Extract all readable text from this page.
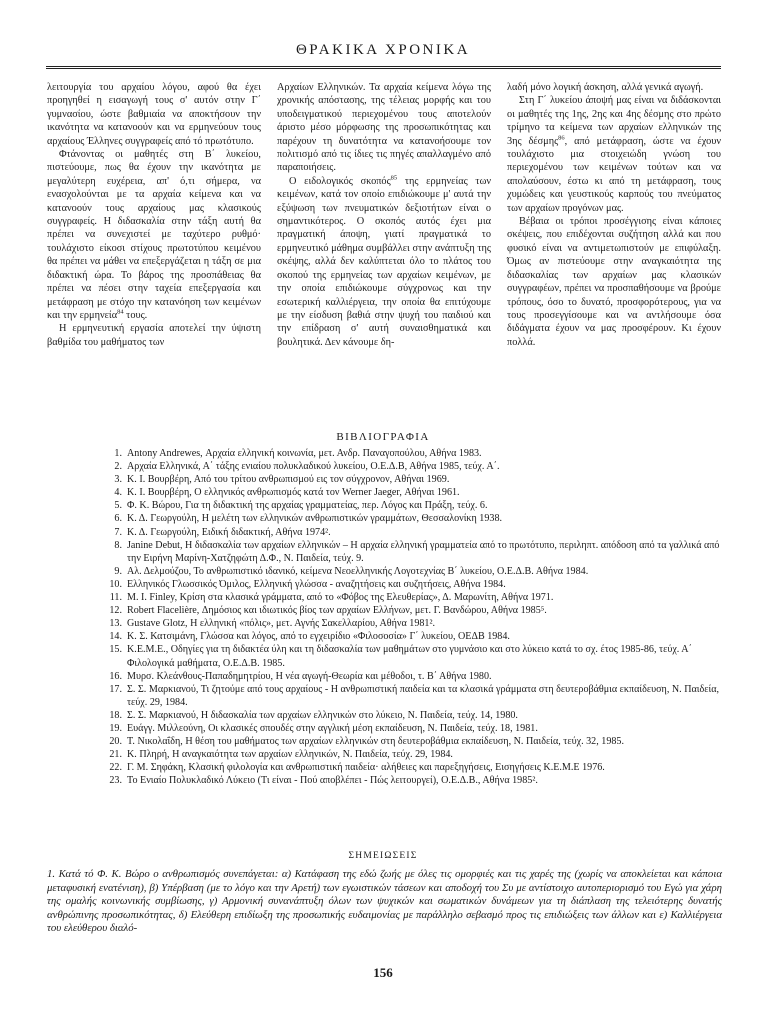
ΘΡΑΚΙΚΑ ΧΡΟΝΙΚΑ

λειτουργία του αρχαίου λόγου, αφού θα έχει προηγηθεί η εισαγωγή τους σ' αυτόν στην Γ΄ γυμνασίου, ώστε βαθμιαία να αποκτήσουν την ικανότητα να κατανοούν και να ερμηνεύουν τους αρχαίους Έλληνες συγγραφείς από τό πρωτότυπο.

Φτάνοντας οι μαθητές στη Β΄ λυκείου, πιστεύουμε, πως θα έχουν την ικανότητα με μεγαλύτερη ευχέρεια, απ' ό,τι σήμερα, να ενασχολούνται με τα αρχαία κείμενα και να κατανοούν τους αρχαίους μας κλασικούς συγγραφείς. Η διδασκαλία στην τάξη αυτή θα πρέπει να συνεχιστεί με ταχύτερο ρυθμό· τουλάχιστο είκοσι στίχους πρωτοτύπου κειμένου θα πρέπει να μάθει να επεξεργάζεται η τάξη σε μια διδακτική ώρα. Το βάρος της προσπάθειας θα πρέπει να πέσει στην ταχεία επεξεργασία και μετάφραση με στόχο την κατανόηση των κειμένων και την ερμηνεία$^{84}$ τους.

Η ερμηνευτική εργασία αποτελεί την ύψιστη βαθμίδα του μαθήματος των

Αρχαίων Ελληνικών. Τα αρχαία κείμενα λόγω της χρονικής απόστασης, της τέλειας μορφής και του υποδειγματικού περιεχομένου τους αποτελούν άριστο μέσο μόρφωσης της προσωπικότητας και παρέχουν τη δυνατότητα να κατανοήσουμε τον πολιτισμό από τις ίδιες τις πηγές απαλλαγμένο από παραποιήσεις.

Ο ειδολογικός σκοπός$^{85}$ της ερμηνείας των κειμένων, κατά τον οποίο επιδιώκουμε μ' αυτά την εξύψωση των πνευματικών δεξιοτήτων είναι ο σημαντικότερος. Ο σκοπός αυτός έχει μια πραγματική άποψη, γιατί πραγματικά το ερμηνευτικό μάθημα συμβάλλει στην ανάπτυξη της σκέψης, αλλά δεν καλύπτεται όλο το πλάτος του σκοπού της ερμηνείας των αρχαίων κειμένων, με την οποία επιδιώκουμε σύγχρονως και την εσωτερική καλλιέργεια, την οποία θα επιτύχουμε με την είσδυση βαθιά στην ψυχή του παιδιού και την επίδραση σ' αυτή συναισθηματικά και βουλητικά. Δεν κάνουμε δη-

λαδή μόνο λογική άσκηση, αλλά γενικά αγωγή.

Στη Γ΄ λυκείου άποψή μας είναι να διδάσκονται οι μαθητές της 1ης, 2ης και 4ης δέσμης στο πρώτο τρίμηνο τα κείμενα των αρχαίων ελληνικών της 3ης δέσμης$^{86}$, από μετάφραση, ώστε να έχουν τουλάχιστο μια στοιχειώδη γνώση του περιεχομένου των κειμένων τούτων και να απολαύσουν, έστω κι από τη μετάφραση, τους χυμώδεις και γευστικούς καρπούς του πνεύματος των αρχαίων προγόνων μας.

Βέβαια οι τρόποι προσέγγισης είναι κάποιες σκέψεις, που επιδέχονται συζήτηση αλλά και που φυσικό είναι να αντιμετωπιστούν με επιφύλαξη. Όμως αν πιστεύουμε στην αναγκαιότητα της διδασκαλίας των αρχαίων μας κλασικών συγγραφέων, πρέπει να προσπαθήσουμε να βρούμε τρόπους, όσο το δυνατό, προσφορότερους, για να τους προσεγγίσουμε και να αντλήσουμε όσα διδάγματα έχουν να μας προσφέρουν. Κι έχουν πολλά.

ΒΙΒΛΙΟΓΡΑΦΙΑ
1. Antony Andrewes, Αρχαία ελληνική κοινωνία, μετ. Ανδρ. Παναγοπούλου, Αθήνα 1983.
2. Αρχαία Ελληνικά, Α΄ τάξης ενιαίου πολυκλαδικού λυκείου, Ο.Ε.Δ.Β, Αθήνα 1985, τεύχ. Α΄.
3. Κ. Ι. Βουρβέρη, Από του τρίτου ανθρωπισμού εις τον σύγχρονον, Αθήναι 1969.
4. Κ. Ι. Βουρβέρη, Ο ελληνικός ανθρωπισμός κατά τον Werner Jaeger, Αθήναι 1961.
5. Φ. Κ. Βώρου, Για τη διδακτική της αρχαίας γραμματείας, περ. Λόγος και Πράξη, τεύχ. 6.
6. Κ. Δ. Γεωργούλη, Η μελέτη των ελληνικών ανθρωπιστικών γραμμάτων, Θεσσαλονίκη 1938.
7. Κ. Δ. Γεωργούλη, Ειδική διδακτική, Αθήνα 1974².
8. Janine Debut, Η διδασκαλία των αρχαίων ελληνικών – Η αρχαία ελληνική γραμματεία από το πρωτότυπο, περιληπτ. απόδοση από τα γαλλικά από την Ειρήνη Μαρίνη-Χατζηφώτη Δ.Φ., Ν. Παιδεία, τεύχ. 9.
9. Αλ. Δελμούζου, Το ανθρωπιστικό ιδανικό, κείμενα Νεοελληνικής Λογοτεχνίας Β΄ λυκείου, Ο.Ε.Δ.Β. Αθήνα 1984.
10. Ελληνικός Γλωσσικός Όμιλος, Ελληνική γλώσσα - αναζητήσεις και συζητήσεις, Αθήνα 1984.
11. M. I. Finley, Κρίση στα κλασικά γράμματα, από το «Φόβος της Ελευθερίας», Δ. Μαρωνίτη, Αθήνα 1971.
12. Robert Flacelière, Δημόσιος και ιδιωτικός βίος των αρχαίων Ελλήνων, μετ. Γ. Βανδώρου, Αθήνα 1985⁵.
13. Gustave Glotz, Η ελληνική «πόλις», μετ. Αγνής Σακελλαρίου, Αθήνα 1981².
14. Κ. Σ. Κατσιμάνη, Γλώσσα και λόγος, από το εγχειρίδιο «Φιλοσοσία» Γ΄ λυκείου, ΟΕΔΒ 1984.
15. Κ.Ε.Μ.Ε., Οδηγίες για τη διδακτέα ύλη και τη διδασκαλία των μαθημάτων στο γυμνάσιο και στο λύκειο κατά το σχ. έτος 1985-86, τεύχ. Α΄ Φιλολογικά μαθήματα, Ο.Ε.Δ.Β. 1985.
16. Μυρσ. Κλεάνθους-Παπαδημητρίου, Η νέα αγωγή-Θεωρία και μέθοδοι, τ. Β΄ Αθήνα 1980.
17. Σ. Σ. Μαρκιανού, Τι ζητούμε από τους αρχαίους - Η ανθρωπιστική παιδεία και τα κλασικά γράμματα στη δευτεροβάθμια εκπαίδευση, Ν. Παιδεία, τεύχ. 29, 1984.
18. Σ. Σ. Μαρκιανού, Η διδασκαλία των αρχαίων ελληνικών στο λύκειο, Ν. Παιδεία, τεύχ. 14, 1980.
19. Ευάγγ. Μιλλεούνη, Οι κλασικές σπουδές στην αγγλική μέση εκπαίδευση, Ν. Παιδεία, τεύχ. 18, 1981.
20. Τ. Νικολαΐδη, Η θέση του μαθήματος των αρχαίων ελληνικών στη δευτεροβάθμια εκπαίδευση, Ν. Παιδεία, τεύχ. 32, 1985.
21. Κ. Πληρή, Η αναγκαιότητα των αρχαίων ελληνικών, Ν. Παιδεία, τεύχ. 29, 1984.
22. Γ. Μ. Σηφάκη, Κλασική φιλολογία και ανθρωπιστική παιδεία· αλήθειες και παρεξηγήσεις, Εισηγήσεις Κ.Ε.Μ.Ε 1976.
23. Το Ενιαίο Πολυκλαδικό Λύκειο (Τι είναι - Πού αποβλέπει - Πώς λειτουργεί), Ο.Ε.Δ.Β., Αθήνα 1985².
ΣΗΜΕΙΩΣΕΙΣ
1. Κατά τό Φ. Κ. Βώρο ο ανθρωπισμός συνεπάγεται: α) Κατάφαση της εδώ ζωής με όλες τις ομορφιές και τις χαρές της (χωρίς να αποκλείεται και κάποια μεταφυσική ενατένιση), β) Υπέρβαση (με το λόγο και την Αρετή) των εγωιστικών τάσεων και αποδοχή του Συ με αντίστοιχο αυτοπεριορισμό του Εγώ για χάρη της ομαλής κοινωνικής συμβίωσης, γ) Αρμονική συνανάπτυξη όλων των ψυχικών και σωματικών δυνάμεων για τη διάπλαση της τελειότερης δυνατής ανθρώπινης προσωπικότητας, δ) Ελεύθερη επιδίωξη της προσωπικής ευδαιμονίας με παράλληλο σεβασμό προς τις επιδιώξεις των άλλων και ε) Καλλιέργεια του ελεύθερου διαλό-
156
